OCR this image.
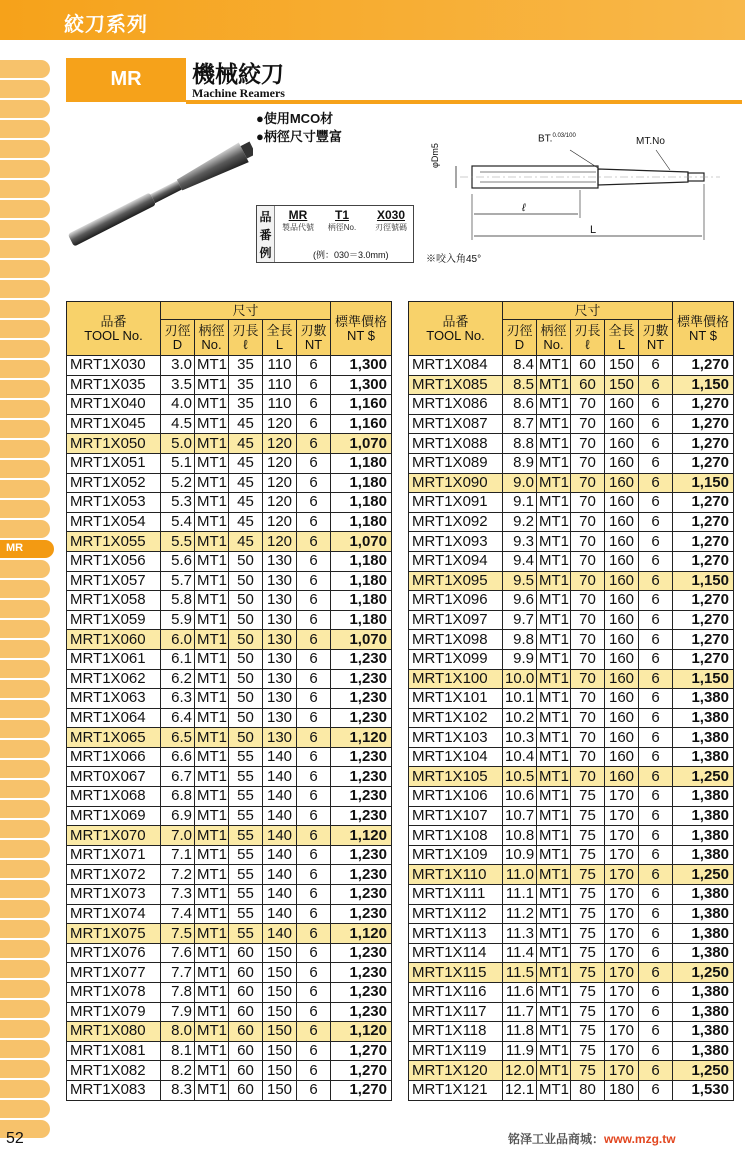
絞刀系列
MR
MR	機械絞刀
Machine Reamers
●使用MCO材
●柄徑尺寸豐富	BT.$^{0.03/100}$	MT.No
φDm5
ℓ
L
※咬入角45°
品
番
例
MR
製品代號
T1
柄徑No.
X030
刃徑號碼
(例：030＝3.0mm)
品番
TOOL No.	尺寸					標準價格
NT $
	刃徑
D	柄徑
No.	刃長
ℓ	全長
L	刃數
NT	
MRT1X030	3.0	MT1	35	110	6	1,300
MRT1X035	3.5	MT1	35	110	6	1,300
MRT1X040	4.0	MT1	35	110	6	1,160
MRT1X045	4.5	MT1	45	120	6	1,160
MRT1X050	5.0	MT1	45	120	6	1,070
MRT1X051	5.1	MT1	45	120	6	1,180
MRT1X052	5.2	MT1	45	120	6	1,180
MRT1X053	5.3	MT1	45	120	6	1,180
MRT1X054	5.4	MT1	45	120	6	1,180
MRT1X055	5.5	MT1	45	120	6	1,070
MRT1X056	5.6	MT1	50	130	6	1,180
MRT1X057	5.7	MT1	50	130	6	1,180
MRT1X058	5.8	MT1	50	130	6	1,180
MRT1X059	5.9	MT1	50	130	6	1,180
MRT1X060	6.0	MT1	50	130	6	1,070
MRT1X061	6.1	MT1	50	130	6	1,230
MRT1X062	6.2	MT1	50	130	6	1,230
MRT1X063	6.3	MT1	50	130	6	1,230
MRT1X064	6.4	MT1	50	130	6	1,230
MRT1X065	6.5	MT1	50	130	6	1,120
MRT1X066	6.6	MT1	55	140	6	1,230
MRT0X067	6.7	MT1	55	140	6	1,230
MRT1X068	6.8	MT1	55	140	6	1,230
MRT1X069	6.9	MT1	55	140	6	1,230
MRT1X070	7.0	MT1	55	140	6	1,120
MRT1X071	7.1	MT1	55	140	6	1,230
MRT1X072	7.2	MT1	55	140	6	1,230
MRT1X073	7.3	MT1	55	140	6	1,230
MRT1X074	7.4	MT1	55	140	6	1,230
MRT1X075	7.5	MT1	55	140	6	1,120
MRT1X076	7.6	MT1	60	150	6	1,230
MRT1X077	7.7	MT1	60	150	6	1,230
MRT1X078	7.8	MT1	60	150	6	1,230
MRT1X079	7.9	MT1	60	150	6	1,230
MRT1X080	8.0	MT1	60	150	6	1,120
MRT1X081	8.1	MT1	60	150	6	1,270
MRT1X082	8.2	MT1	60	150	6	1,270
MRT1X083	8.3	MT1	60	150	6	1,270
品番
TOOL No.	尺寸					標準價格
NT $
	刃徑
D	柄徑
No.	刃長
ℓ	全長
L	刃數
NT	
MRT1X084	8.4	MT1	60	150	6	1,270
MRT1X085	8.5	MT1	60	150	6	1,150
MRT1X086	8.6	MT1	70	160	6	1,270
MRT1X087	8.7	MT1	70	160	6	1,270
MRT1X088	8.8	MT1	70	160	6	1,270
MRT1X089	8.9	MT1	70	160	6	1,270
MRT1X090	9.0	MT1	70	160	6	1,150
MRT1X091	9.1	MT1	70	160	6	1,270
MRT1X092	9.2	MT1	70	160	6	1,270
MRT1X093	9.3	MT1	70	160	6	1,270
MRT1X094	9.4	MT1	70	160	6	1,270
MRT1X095	9.5	MT1	70	160	6	1,150
MRT1X096	9.6	MT1	70	160	6	1,270
MRT1X097	9.7	MT1	70	160	6	1,270
MRT1X098	9.8	MT1	70	160	6	1,270
MRT1X099	9.9	MT1	70	160	6	1,270
MRT1X100	10.0	MT1	70	160	6	1,150
MRT1X101	10.1	MT1	70	160	6	1,380
MRT1X102	10.2	MT1	70	160	6	1,380
MRT1X103	10.3	MT1	70	160	6	1,380
MRT1X104	10.4	MT1	70	160	6	1,380
MRT1X105	10.5	MT1	70	160	6	1,250
MRT1X106	10.6	MT1	75	170	6	1,380
MRT1X107	10.7	MT1	75	170	6	1,380
MRT1X108	10.8	MT1	75	170	6	1,380
MRT1X109	10.9	MT1	75	170	6	1,380
MRT1X110	11.0	MT1	75	170	6	1,250
MRT1X111	11.1	MT1	75	170	6	1,380
MRT1X112	11.2	MT1	75	170	6	1,380
MRT1X113	11.3	MT1	75	170	6	1,380
MRT1X114	11.4	MT1	75	170	6	1,380
MRT1X115	11.5	MT1	75	170	6	1,250
MRT1X116	11.6	MT1	75	170	6	1,380
MRT1X117	11.7	MT1	75	170	6	1,380
MRT1X118	11.8	MT1	75	170	6	1,380
MRT1X119	11.9	MT1	75	170	6	1,380
MRT1X120	12.0	MT1	75	170	6	1,250
MRT1X121	12.1	MT1	80	180	6	1,530
52	铭泽工业品商城：www.mzg.tw
